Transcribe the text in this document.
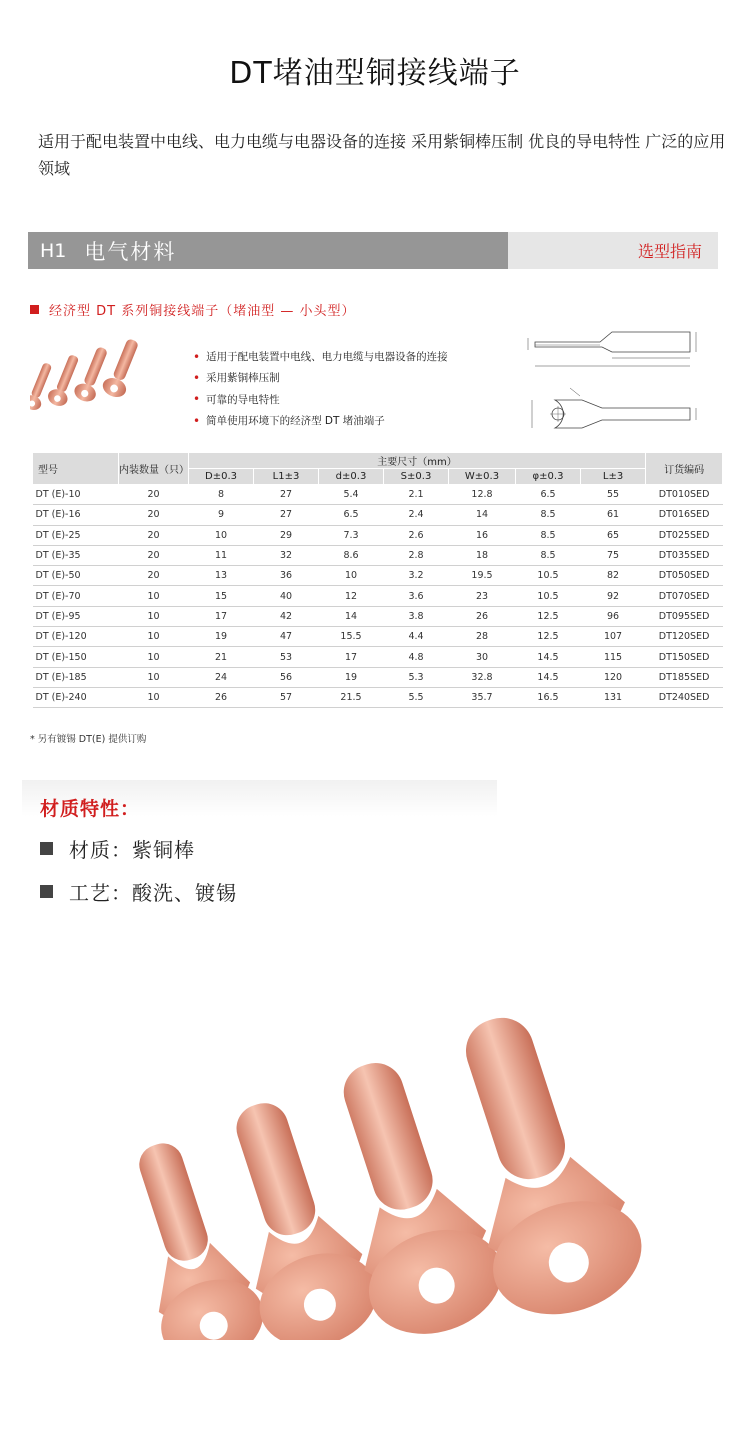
DT堵油型铜接线端子
适用于配电装置中电线、电力电缆与电器设备的连接 采用紫铜棒压制 优良的导电特性 广泛的应用领域
H1 电气材料	选型指南
经济型 DT 系列铜接线端子（堵油型 — 小头型）
• 适用于配电装置中电线、电力电缆与电器设备的连接
• 采用紫铜棒压制
• 可靠的导电特性
• 简单使用环境下的经济型 DT 堵油端子
型号	内装数量（只）	主要尺寸（mm）							订货编码
		D±0.3	L1±3	d±0.3	S±0.3	W±0.3	φ±0.3	L±3	
DT (E)-10	20	8	27	5.4	2.1	12.8	6.5	55	DT010SED
DT (E)-16	20	9	27	6.5	2.4	14	8.5	61	DT016SED
DT (E)-25	20	10	29	7.3	2.6	16	8.5	65	DT025SED
DT (E)-35	20	11	32	8.6	2.8	18	8.5	75	DT035SED
DT (E)-50	20	13	36	10	3.2	19.5	10.5	82	DT050SED
DT (E)-70	10	15	40	12	3.6	23	10.5	92	DT070SED
DT (E)-95	10	17	42	14	3.8	26	12.5	96	DT095SED
DT (E)-120	10	19	47	15.5	4.4	28	12.5	107	DT120SED
DT (E)-150	10	21	53	17	4.8	30	14.5	115	DT150SED
DT (E)-185	10	24	56	19	5.3	32.8	14.5	120	DT185SED
DT (E)-240	10	26	57	21.5	5.5	35.7	16.5	131	DT240SED
* 另有镀锡 DT(E) 提供订购
材质特性：
材质：紫铜棒
工艺：酸洗、镀锡
